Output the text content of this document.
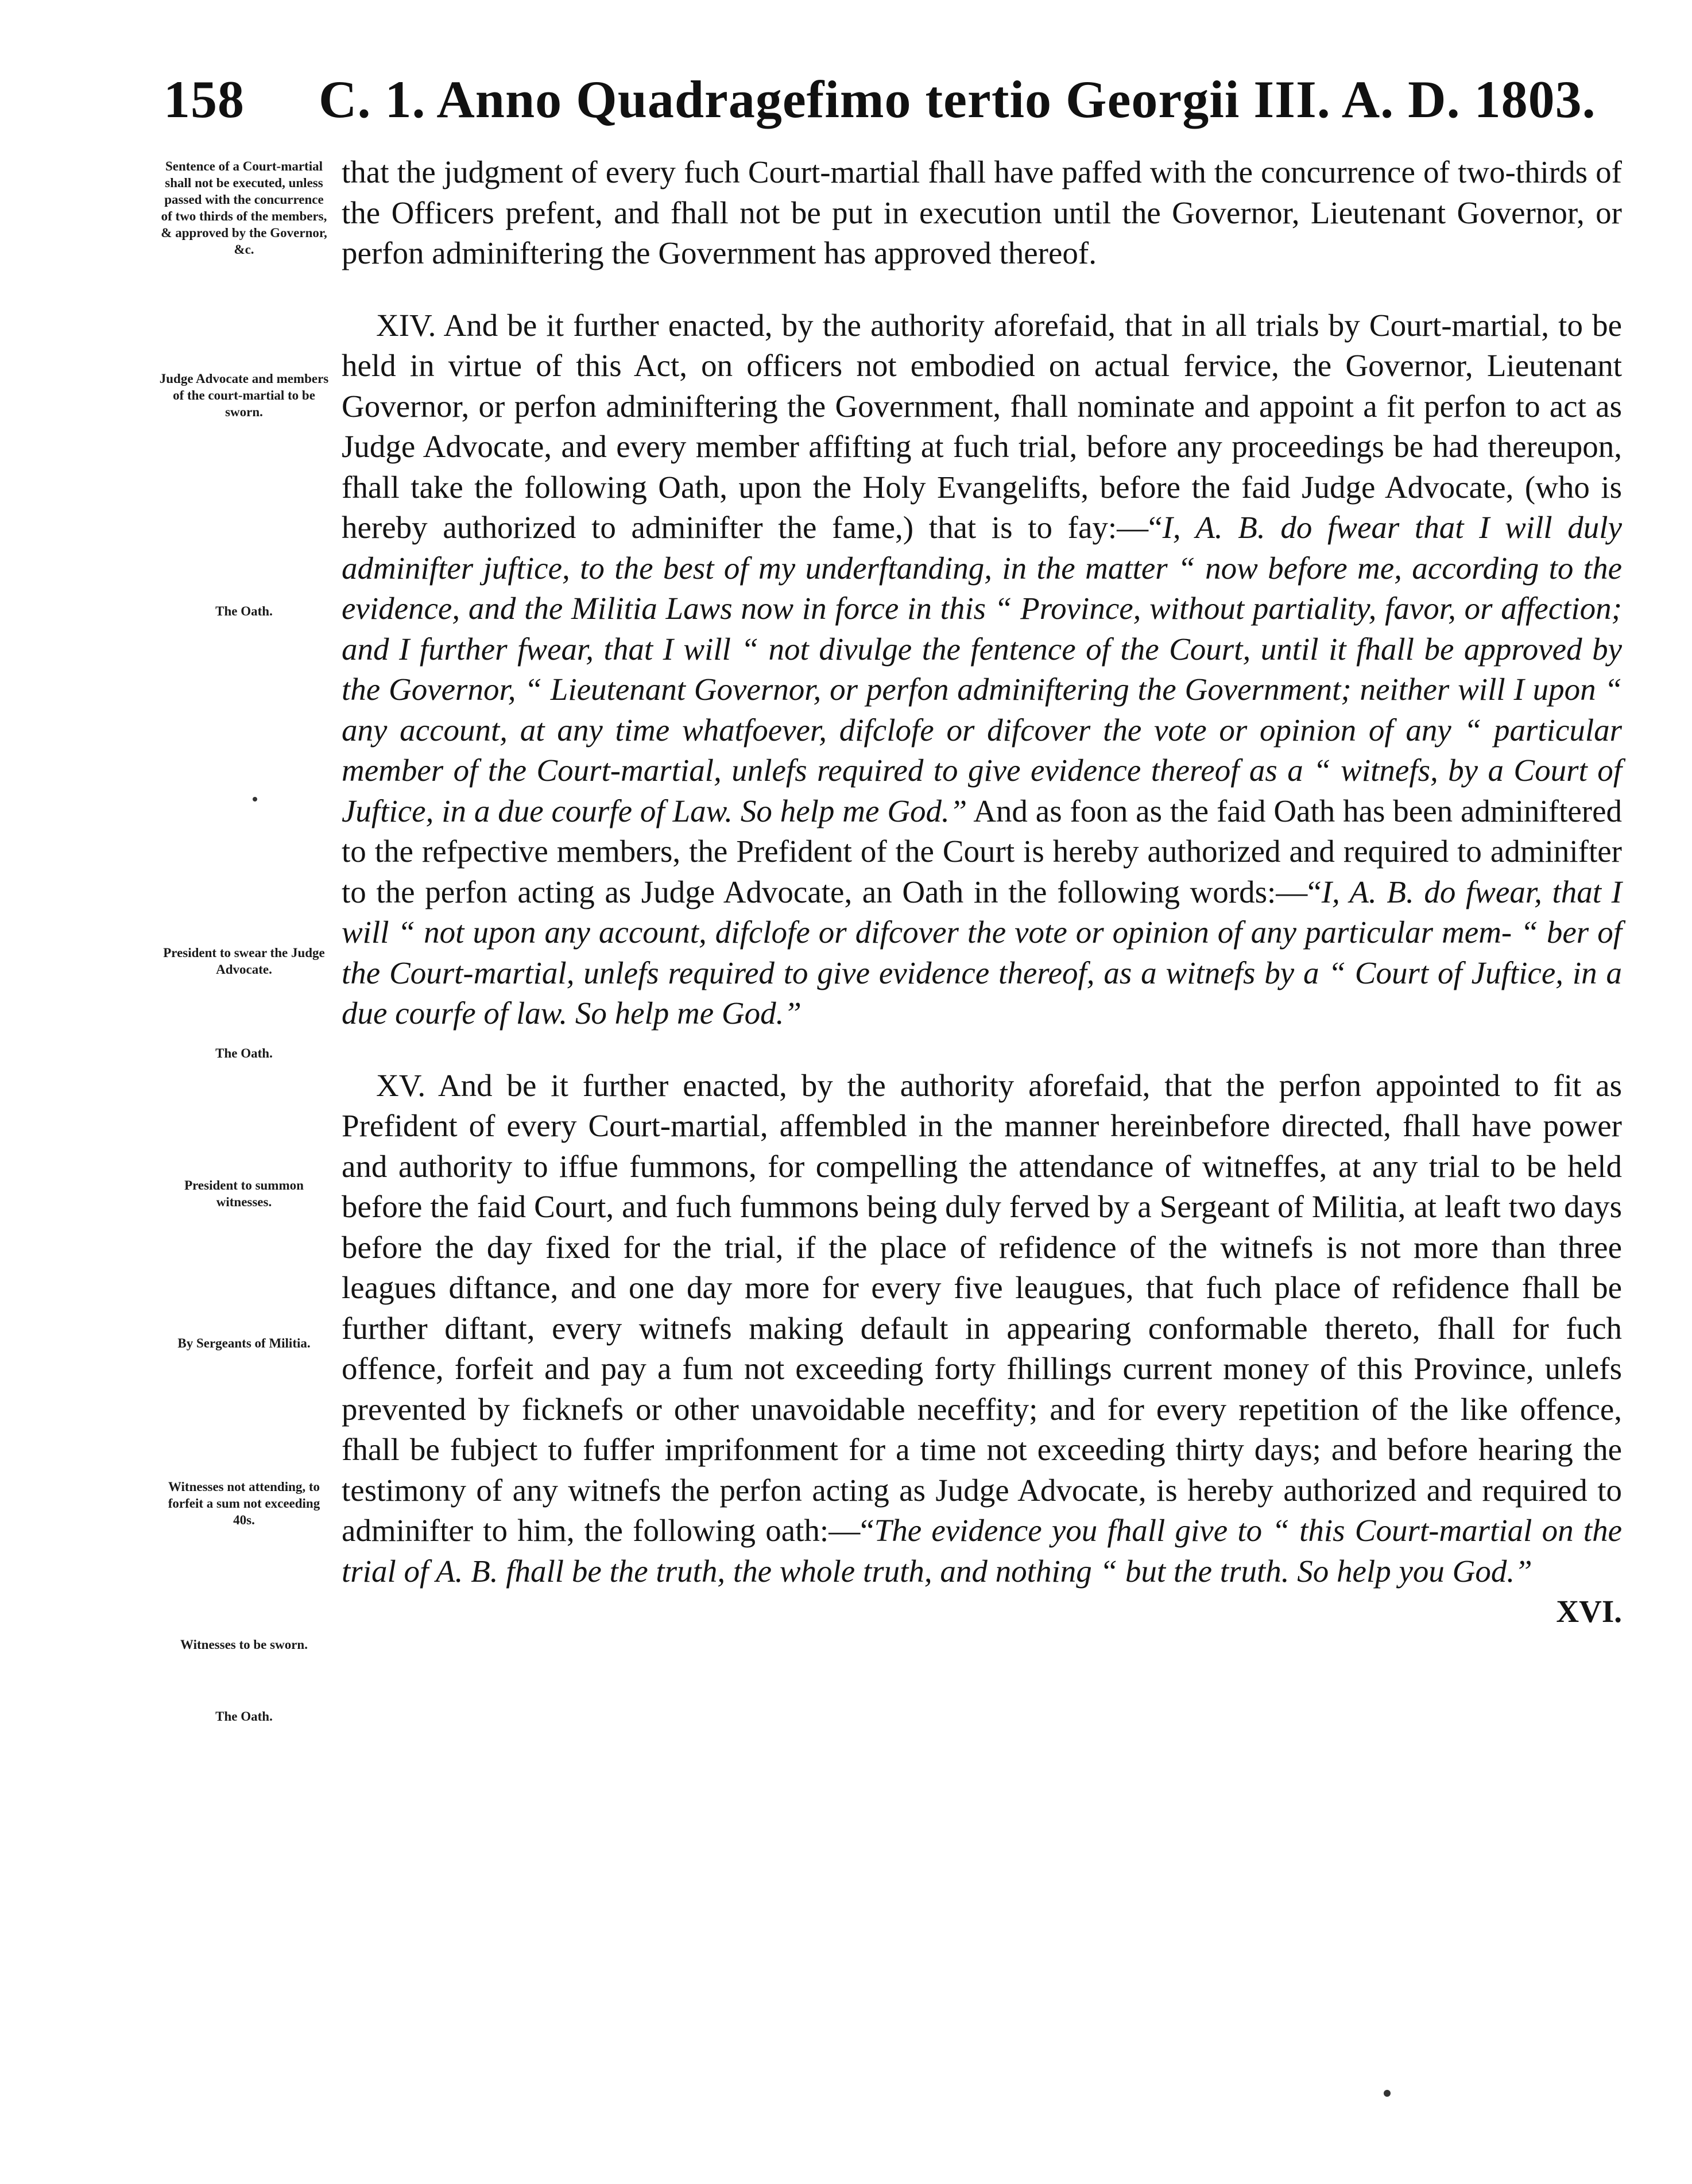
158	C. 1. Anno Quadragefimo tertio Georgii III. A. D. 1803.
Sentence of a Court-martial shall not be executed, unless passed with the concurrence of two thirds of the members, & approved by the Governor, &c.
Judge Advocate and members of the court-martial to be sworn.
The Oath.
President to swear the Judge Advocate.
The Oath.
President to summon witnesses.
By Sergeants of Militia.
Witnesses not attending, to forfeit a sum not exceeding 40s.
Witnesses to be sworn.
The Oath.

that the judgment of every fuch Court-martial fhall have paffed with the concurrence of two-thirds of the Officers prefent, and fhall not be put in execution until the Governor, Lieutenant Governor, or perfon adminiftering the Government has approved thereof.

XIV. And be it further enacted, by the authority aforefaid, that in all trials by Court-martial, to be held in virtue of this Act, on officers not embodied on actual fervice, the Governor, Lieutenant Governor, or perfon adminiftering the Government, fhall nominate and appoint a fit perfon to act as Judge Advocate, and every member affifting at fuch trial, before any proceedings be had thereupon, fhall take the following Oath, upon the Holy Evangelifts, before the faid Judge Advocate, (who is hereby authorized to adminifter the fame,) that is to fay:—“I, A. B. do fwear that I will duly adminifter juftice, to the best of my underftanding, in the matter “ now before me, according to the evidence, and the Militia Laws now in force in this “ Province, without partiality, favor, or affection; and I further fwear, that I will “ not divulge the fentence of the Court, until it fhall be approved by the Governor, “ Lieutenant Governor, or perfon adminiftering the Government; neither will I upon “ any account, at any time whatfoever, difclofe or difcover the vote or opinion of any “ particular member of the Court-martial, unlefs required to give evidence thereof as a “ witnefs, by a Court of Juftice, in a due courfe of Law. So help me God.” And as foon as the faid Oath has been adminiftered to the refpective members, the Prefident of the Court is hereby authorized and required to adminifter to the perfon acting as Judge Advocate, an Oath in the following words:—“I, A. B. do fwear, that I will “ not upon any account, difclofe or difcover the vote or opinion of any particular mem- “ ber of the Court-martial, unlefs required to give evidence thereof, as a witnefs by a “ Court of Juftice, in a due courfe of law. So help me God.”

XV. And be it further enacted, by the authority aforefaid, that the perfon appointed to fit as Prefident of every Court-martial, affembled in the manner hereinbefore directed, fhall have power and authority to iffue fummons, for compelling the attendance of witneffes, at any trial to be held before the faid Court, and fuch fummons being duly ferved by a Sergeant of Militia, at leaft two days before the day fixed for the trial, if the place of refidence of the witnefs is not more than three leagues diftance, and one day more for every five leaugues, that fuch place of refidence fhall be further diftant, every witnefs making default in appearing conformable thereto, fhall for fuch offence, forfeit and pay a fum not exceeding forty fhillings current money of this Province, unlefs prevented by ficknefs or other unavoidable neceffity; and for every repetition of the like offence, fhall be fubject to fuffer imprifonment for a time not exceeding thirty days; and before hearing the testimony of any witnefs the perfon acting as Judge Advocate, is hereby authorized and required to adminifter to him, the following oath:—“The evidence you fhall give to “ this Court-martial on the trial of A. B. fhall be the truth, the whole truth, and nothing “ but the truth. So help you God.”

XVI.
